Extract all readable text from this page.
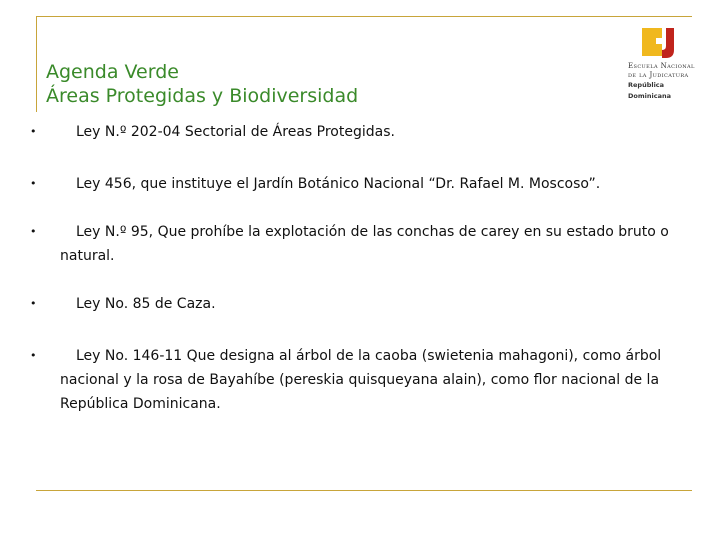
Agenda Verde
Áreas Protegidas y Biodiversidad
Escuela Nacional
de la Judicatura
República Dominicana
•	Ley N.º 202-04 Sectorial de Áreas Protegidas.
•	Ley 456, que instituye el Jardín Botánico Nacional “Dr. Rafael M. Moscoso”.
•	Ley N.º 95, Que prohíbe la explotación de las conchas de carey en su estado bruto o natural.
•	Ley No. 85 de Caza.
•	Ley No. 146-11 Que designa al árbol de la caoba (swietenia mahagoni), como árbol nacional y la rosa de Bayahíbe (pereskia quisqueyana alain), como flor nacional de la República Dominicana.
